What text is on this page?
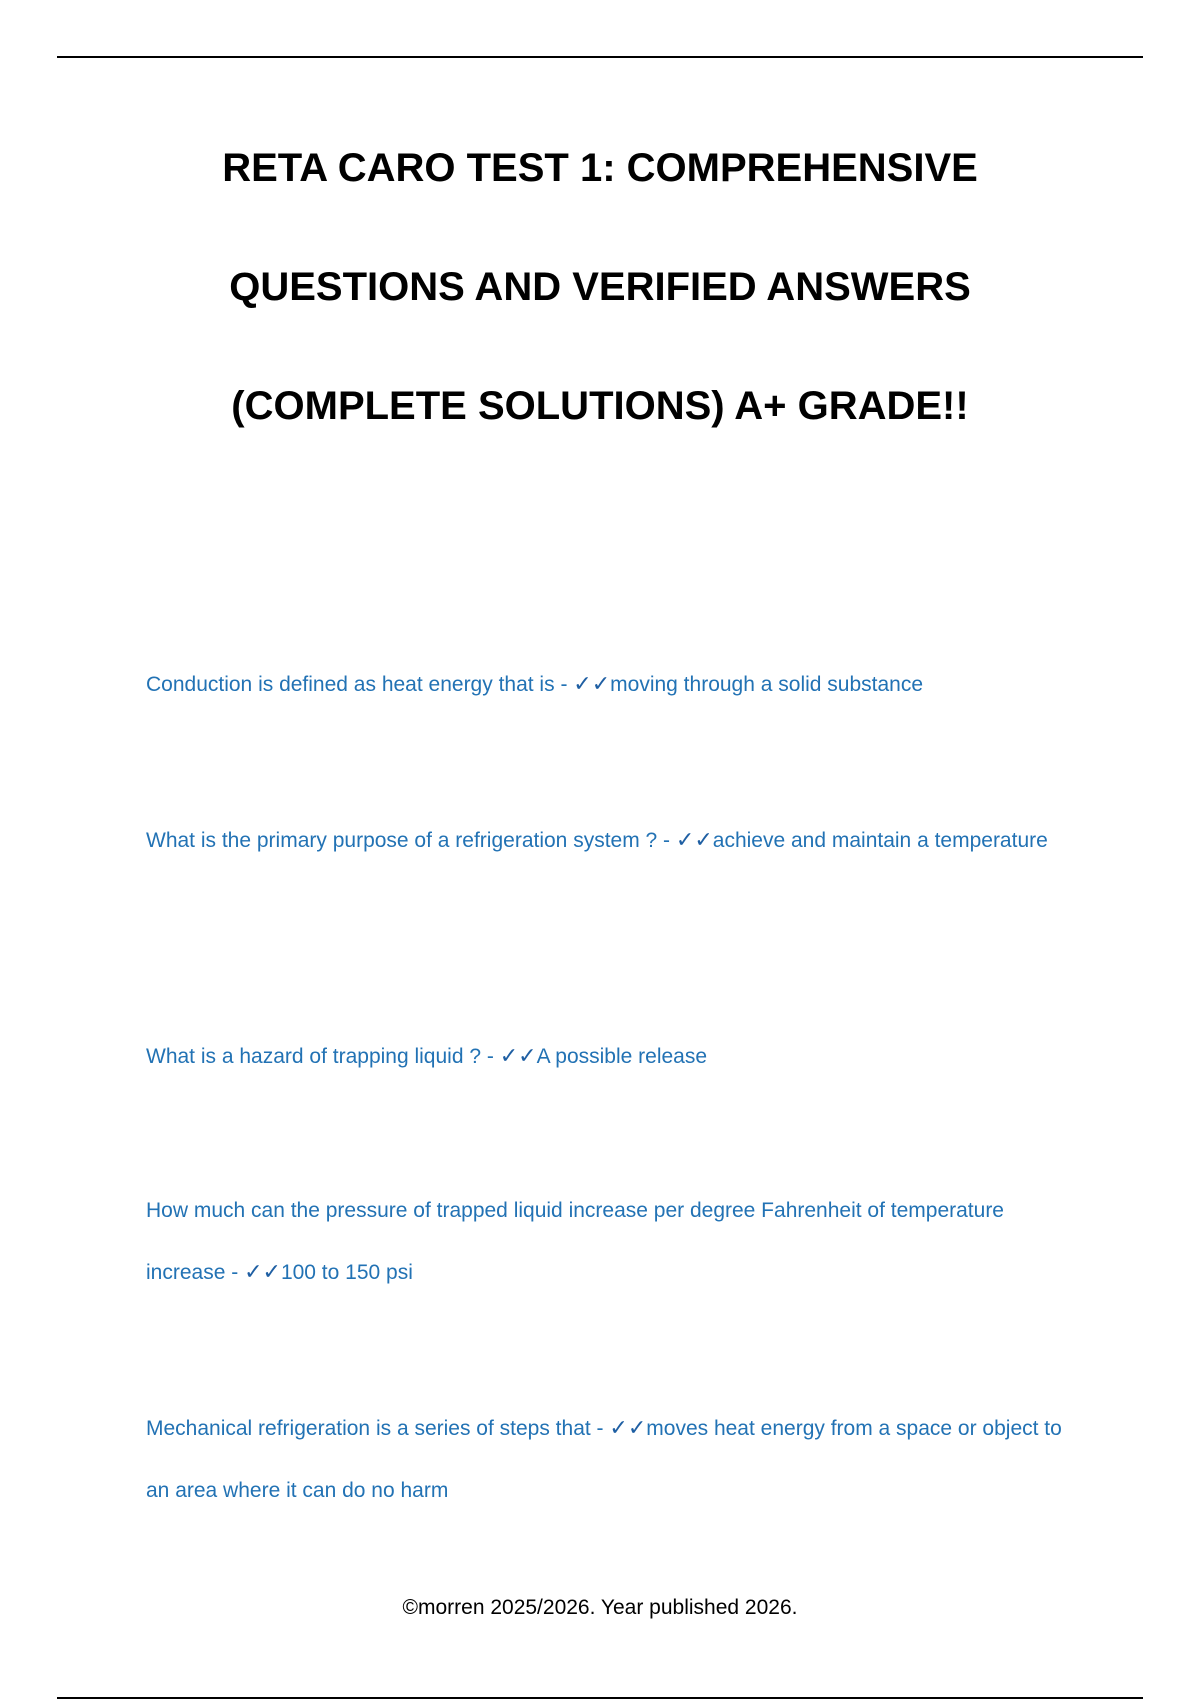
RETA CARO TEST 1: COMPREHENSIVE
QUESTIONS AND VERIFIED ANSWERS
(COMPLETE SOLUTIONS) A+ GRADE!!
Conduction is defined as heat energy that is - ✓✓moving through a solid substance
What is the primary purpose of a refrigeration system ? - ✓✓achieve and maintain a temperature
What is a hazard of trapping liquid ? - ✓✓A possible release
How much can the pressure of trapped liquid increase per degree Fahrenheit of temperature increase - ✓✓100 to 150 psi
Mechanical refrigeration is a series of steps that - ✓✓moves heat energy from a space or object to an area where it can do no harm
©morren 2025/2026. Year published 2026.
